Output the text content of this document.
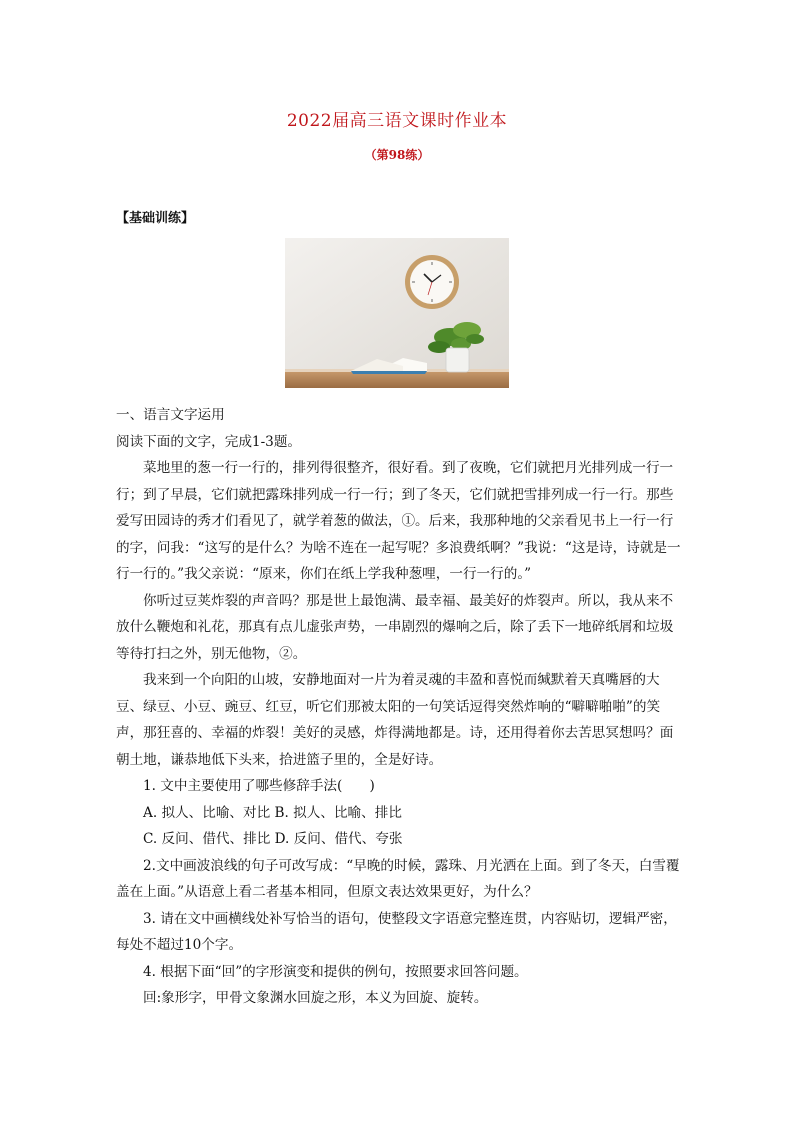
2022届高三语文课时作业本
（第98练）
【基础训练】

一、语言文字运用

阅读下面的文字，完成1-3题。

菜地里的葱一行一行的，排列得很整齐，很好看。到了夜晚，它们就把月光排列成一行一行；到了早晨，它们就把露珠排列成一行一行；到了冬天，它们就把雪排列成一行一行。那些爱写田园诗的秀才们看见了，就学着葱的做法，①。后来，我那种地的父亲看见书上一行一行的字，问我：“这写的是什么？为啥不连在一起写呢？多浪费纸啊？”我说：“这是诗，诗就是一行一行的。”我父亲说：“原来，你们在纸上学我种葱哩，一行一行的。”

你听过豆荚炸裂的声音吗？那是世上最饱满、最幸福、最美好的炸裂声。所以，我从来不放什么鞭炮和礼花，那真有点儿虚张声势，一串剧烈的爆响之后，除了丢下一地碎纸屑和垃圾等待打扫之外，别无他物，②。

我来到一个向阳的山坡，安静地面对一片为着灵魂的丰盈和喜悦而缄默着天真嘴唇的大豆、绿豆、小豆、豌豆、红豆，听它们那被太阳的一句笑话逗得突然炸响的“噼噼啪啪”的笑声，那狂喜的、幸福的炸裂！美好的灵感，炸得满地都是。诗，还用得着你去苦思冥想吗？面朝土地，谦恭地低下头来，拾进篮子里的，全是好诗。

1. 文中主要使用了哪些修辞手法(　　)

A. 拟人、比喻、对比 B. 拟人、比喻、排比

C. 反问、借代、排比 D. 反问、借代、夸张

2.文中画波浪线的句子可改写成：“早晚的时候，露珠、月光洒在上面。到了冬天，白雪覆盖在上面。”从语意上看二者基本相同，但原文表达效果更好，为什么？

3. 请在文中画横线处补写恰当的语句，使整段文字语意完整连贯，内容贴切，逻辑严密，每处不超过10个字。

4. 根据下面“回”的字形演变和提供的例句，按照要求回答问题。

回:象形字，甲骨文象渊水回旋之形，本义为回旋、旋转。
